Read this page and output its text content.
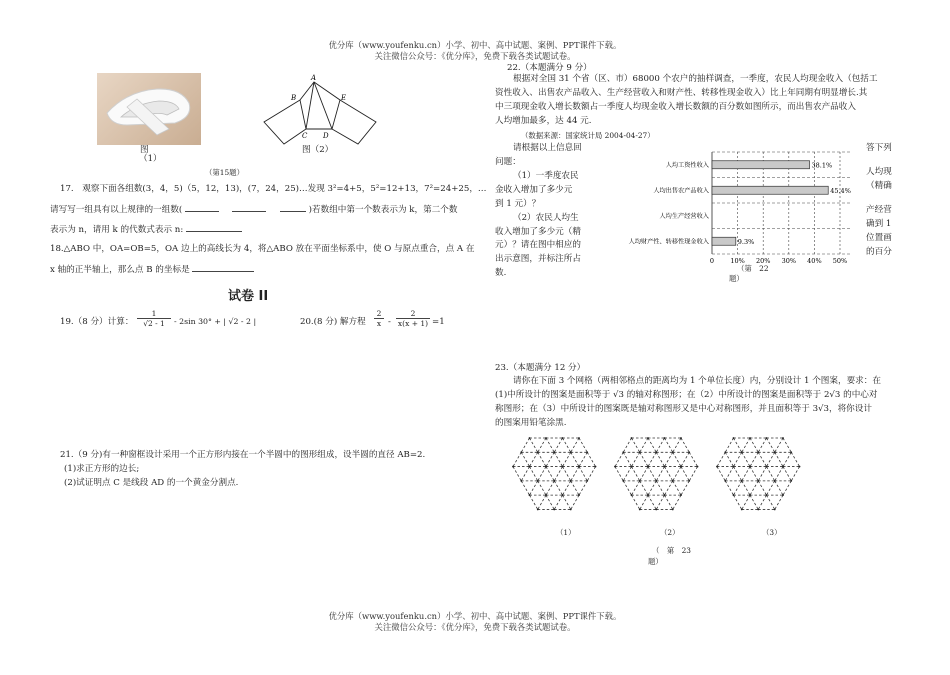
优分库（www.youfenku.cn）小学、初中、高中试题、案例、PPT课件下载。
关注微信公众号：《优分库》，免费下载各类试题试卷。
图
（1）
A
B
C D
E
图（2）
（第15题）
17.　观察下面各组数(3，4，5)（5，12，13)，(7，24，25)…发现 3²=4+5，5²=12+13，7²=24+25，…
请写写一组具有以上规律的一组数(	)若数组中第一个数表示为 k，第二个数
表示为 n，请用 k 的代数式表示 n:
18.△ABO 中，OA=OB=5，OA 边上的高线长为 4，将△ABO 放在平面坐标系中，使 O 与原点重合，点 A 在
x 轴的正半轴上，那么点 B 的坐标是
试卷 II
19.（8 分）计算： $\frac{1}{√2 - 1} - 2\sin$ 30° + | √2 - 2 |	20.(8 分) 解方程 $\frac{2}{x} - \frac{2}{x(x + 1)} =1$
21.（9 分)有一种窗框设计采用一个正方形内接在一个半圆中的图形组成，设半圆的直径 AB=2.
(1)求正方形的边长;
(2)试证明点 C 是线段 AD 的一个黄金分割点.
22.（本题满分 9 分）
根据对全国 31 个省（区、市）68000 个农户的抽样调查，一季度，农民人均现金收入（包括工
资性收入、出售农产品收入、生产经营收入和财产性、转移性现金收入）比上年同期有明显增长.其
中三项现金收入增长数额占一季度人均现金收入增长数额的百分数如图所示，而出售农产品收入
人均增加最多，达 44 元.
（数据来源：国家统计局 2004-04-27）
请根据以上信息回
问题：
（1）一季度农民
金收入增加了多少元
到 1 元）？
（2）农民人均生
收入增加了多少元（精
元）？请在图中相应的
出示意图，并标注所占
数.
答下列
人均现
（精确
产经营
确到 1
位置画
的百分
人均工资性收入
人均出售农产品收入
人均生产经营收入
人均财产性、转移性现金收入
38.1%
45.4%
9.3%
0	10% 20% 30% 40% 50%
（第　22
题）
23.（本题满分 12 分）
请你在下面 3 个网格（两相邻格点的距离均为 1 个单位长度）内，分别设计 1 个图案，要求：在
(1)中所设计的图案是面积等于 √3 的轴对称图形；在（2）中所设计的图案是面积等于 2√3 的中心对
称图形；在（3）中所设计的图案既是轴对称图形又是中心对称图形，并且面积等于 3√3，将你设计
的图案用铅笔涂黑.
（1）	（2）	（3）
（　第　23
题）
优分库（www.youfenku.cn）小学、初中、高中试题、案例、PPT课件下载。
关注微信公众号：《优分库》，免费下载各类试题试卷。
